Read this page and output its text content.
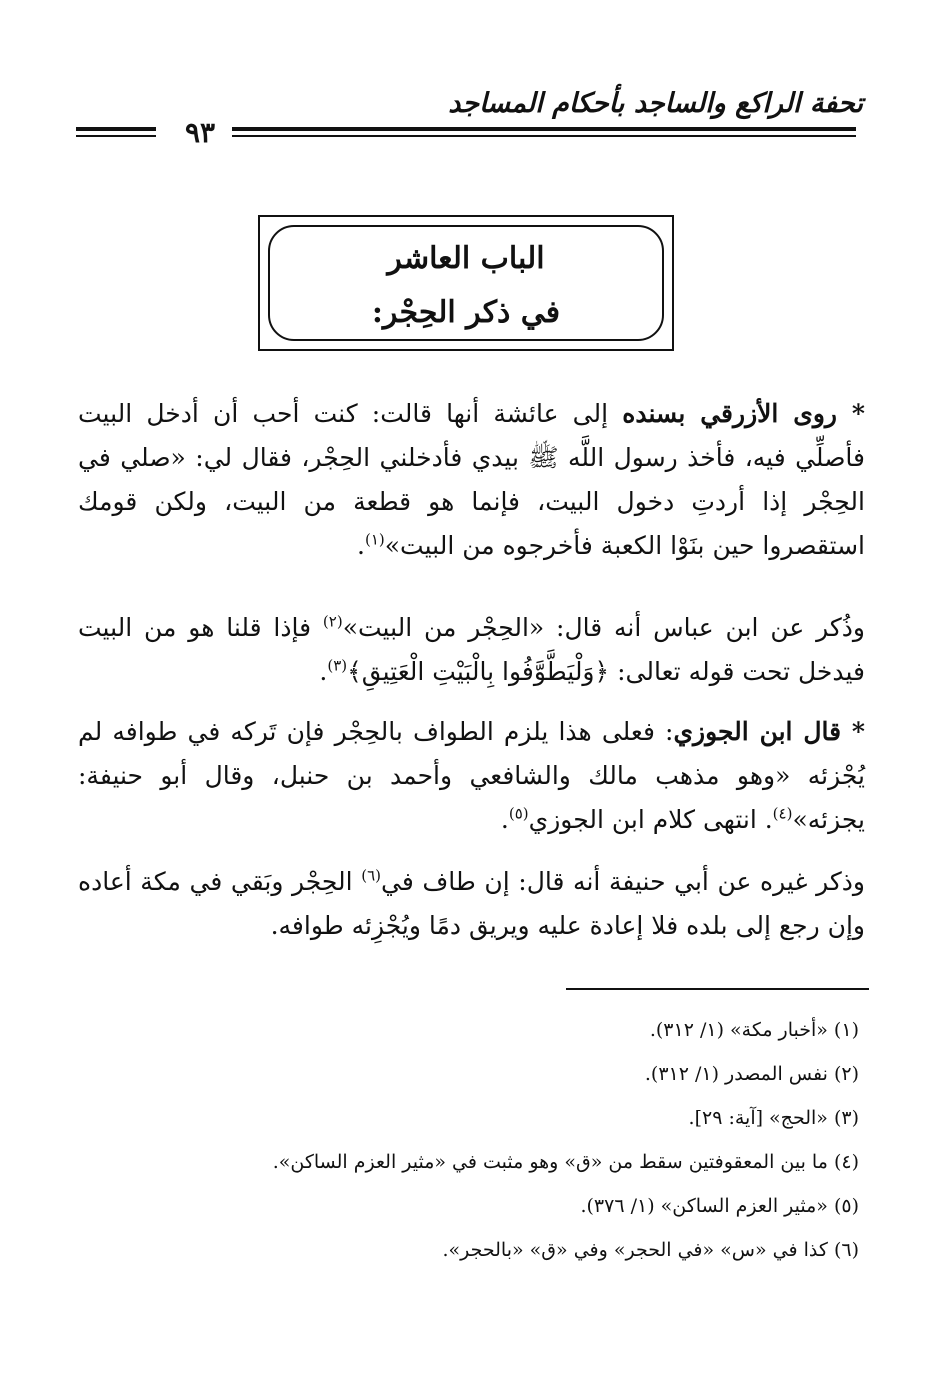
تحفة الراكع والساجد بأحكام المساجد
٩٣
الباب العاشر
في ذكر الحِجْر:

* روى الأزرقي بسنده إلى عائشة أنها قالت: كنت أحب أن أدخل البيت فأصلِّي فيه، فأخذ رسول اللَّه ﷺ بيدي فأدخلني الحِجْر، فقال لي: «صلي في الحِجْر إذا أردتِ دخول البيت، فإنما هو قطعة من البيت، ولكن قومك استقصروا حين بنَوْا الكعبة فأخرجوه من البيت»$^{(١)}$.

وذُكر عن ابن عباس أنه قال: «الحِجْر من البيت»$^{(٢)}$ فإذا قلنا هو من البيت فيدخل تحت قوله تعالى: ﴿وَلْيَطَّوَّفُوا بِالْبَيْتِ الْعَتِيقِ﴾$^{(٣)}$.

* قال ابن الجوزي: فعلى هذا يلزم الطواف بالحِجْر فإن تَركه في طوافه لم يُجْزئه «وهو مذهب مالك والشافعي وأحمد بن حنبل، وقال أبو حنيفة: يجزئه»$^{(٤)}$. انتهى كلام ابن الجوزي$^{(٥)}$.

وذكر غيره عن أبي حنيفة أنه قال: إن طاف في$^{(٦)}$ الحِجْر وبَقي في مكة أعاده وإن رجع إلى بلده فلا إعادة عليه ويريق دمًا ويُجْزِئه طوافه.

(١) «أخبار مكة» (١/ ٣١٢).
(٢) نفس المصدر (١/ ٣١٢).
(٣) «الحج» [آية: ٢٩].
(٤) ما بين المعقوفتين سقط من «ق» وهو مثبت في «مثير العزم الساكن».
(٥) «مثير العزم الساكن» (١/ ٣٧٦).
(٦) كذا في «س» «في الحجر» وفي «ق» «بالحجر».
